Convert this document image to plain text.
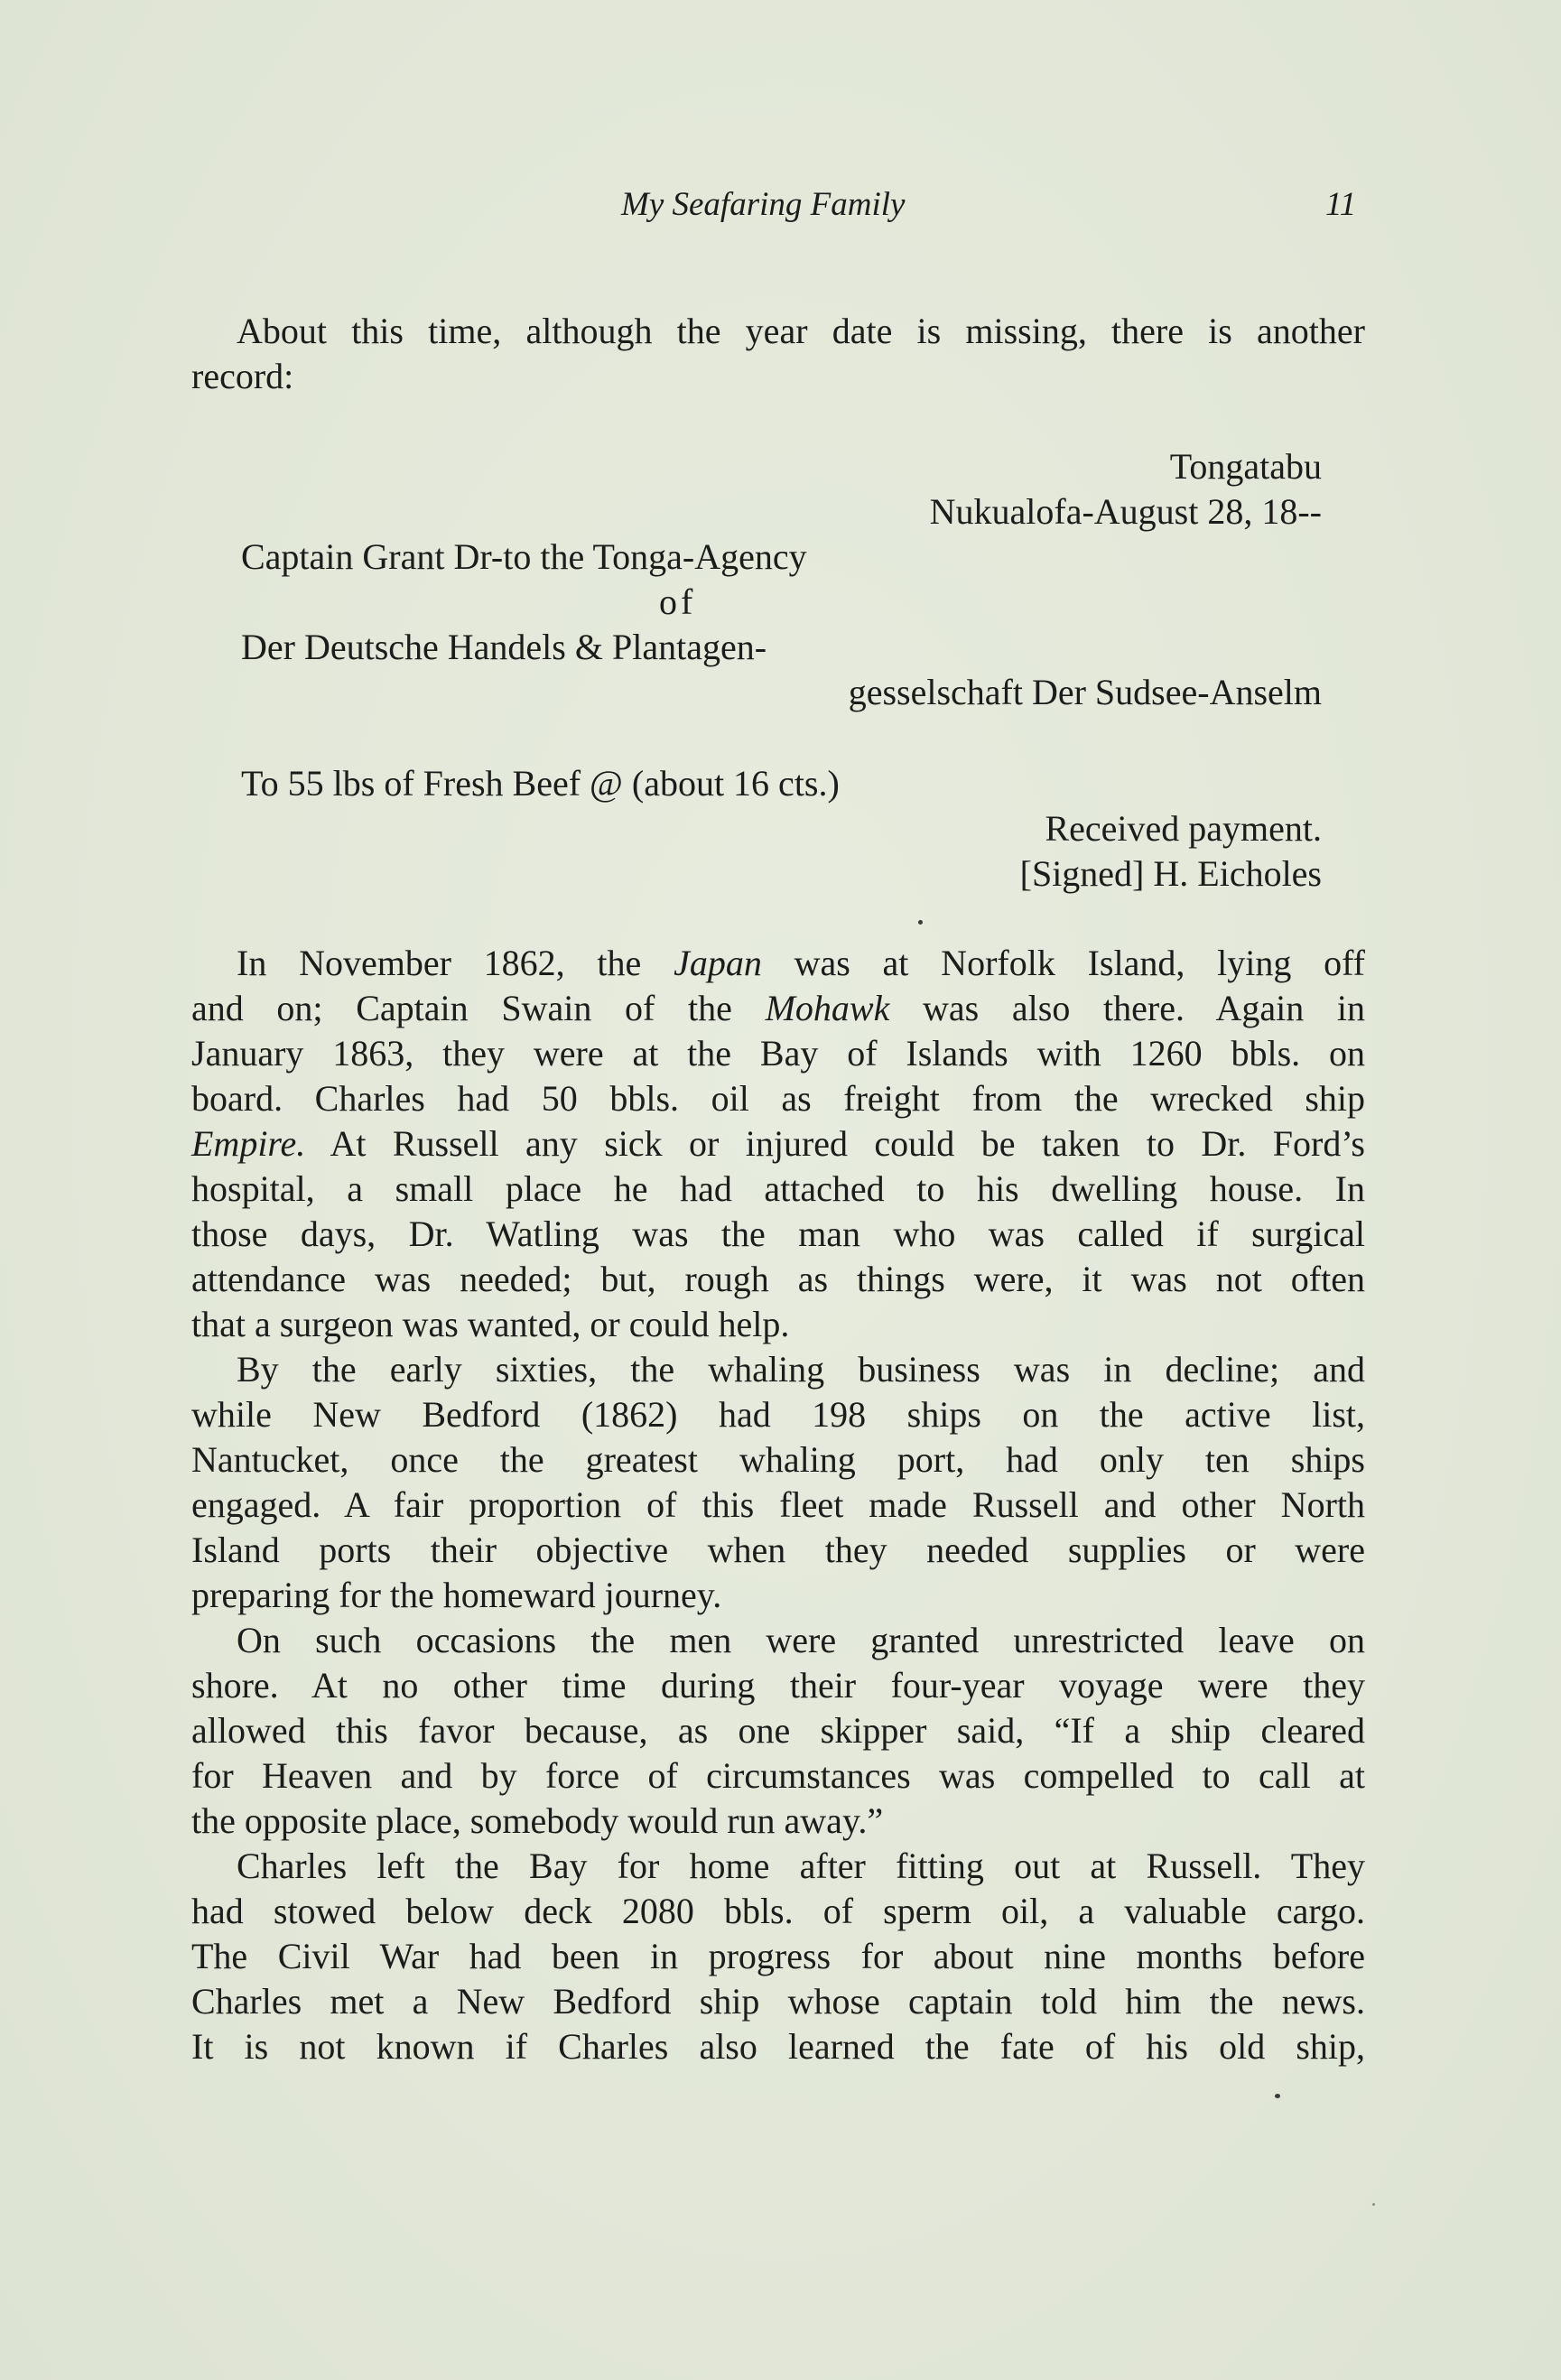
My Seafaring Family	11
About this time, although the year date is missing, there is another
record:
Tongatabu
Nukualofa-August 28, 18--
Captain Grant Dr-to the Tonga-Agency
of
Der Deutsche Handels & Plantagen-
gesselschaft Der Sudsee-Anselm
To 55 lbs of Fresh Beef @ (about 16 cts.)
Received payment.
[Signed] H. Eicholes
In November 1862, the Japan was at Norfolk Island, lying off
and on; Captain Swain of the Mohawk was also there. Again in
January 1863, they were at the Bay of Islands with 1260 bbls. on
board. Charles had 50 bbls. oil as freight from the wrecked ship
Empire. At Russell any sick or injured could be taken to Dr. Ford’s
hospital, a small place he had attached to his dwelling house. In
those days, Dr. Watling was the man who was called if surgical
attendance was needed; but, rough as things were, it was not often
that a surgeon was wanted, or could help.
By the early sixties, the whaling business was in decline; and
while New Bedford (1862) had 198 ships on the active list,
Nantucket, once the greatest whaling port, had only ten ships
engaged. A fair proportion of this fleet made Russell and other North
Island ports their objective when they needed supplies or were
preparing for the homeward journey.
On such occasions the men were granted unrestricted leave on
shore. At no other time during their four-year voyage were they
allowed this favor because, as one skipper said, “If a ship cleared
for Heaven and by force of circumstances was compelled to call at
the opposite place, somebody would run away.”
Charles left the Bay for home after fitting out at Russell. They
had stowed below deck 2080 bbls. of sperm oil, a valuable cargo.
The Civil War had been in progress for about nine months before
Charles met a New Bedford ship whose captain told him the news.
It is not known if Charles also learned the fate of his old ship,
